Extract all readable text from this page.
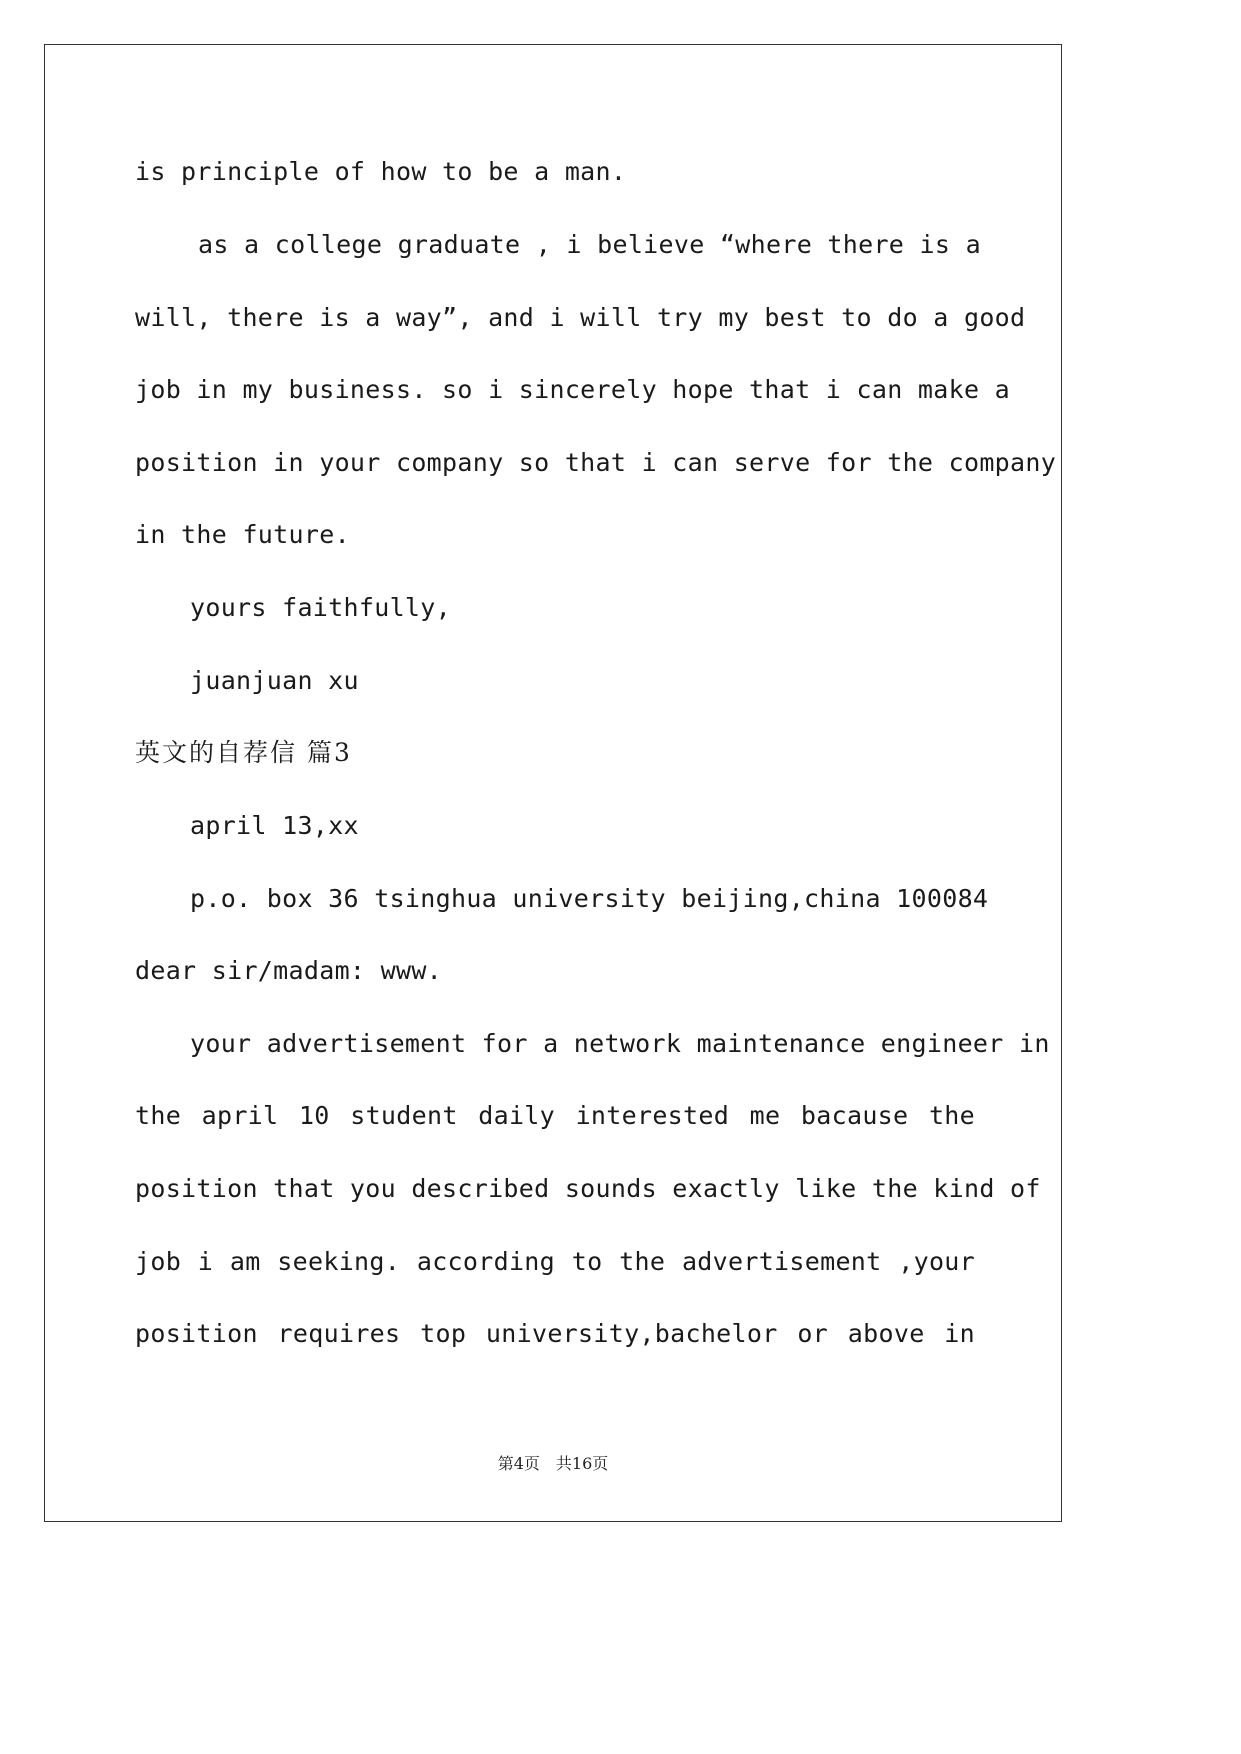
is principle of how to be a man.
as a college graduate , i believe “where there is a
will, there is a way”, and i will try my best to do a good
job in my business. so i sincerely hope that i can make a
position in your company so that i can serve for the company
in the future.
yours faithfully,
juanjuan xu
英文的自荐信 篇3
april 13,xx
p.o. box 36 tsinghua university beijing,china 100084
dear sir/madam: www.
your advertisement for a network maintenance engineer in
the april 10 student daily interested me bacause the
position that you described sounds exactly like the kind of
job i am seeking. according to the advertisement ,your
position requires top university,bachelor or above in
第4页　共16页
